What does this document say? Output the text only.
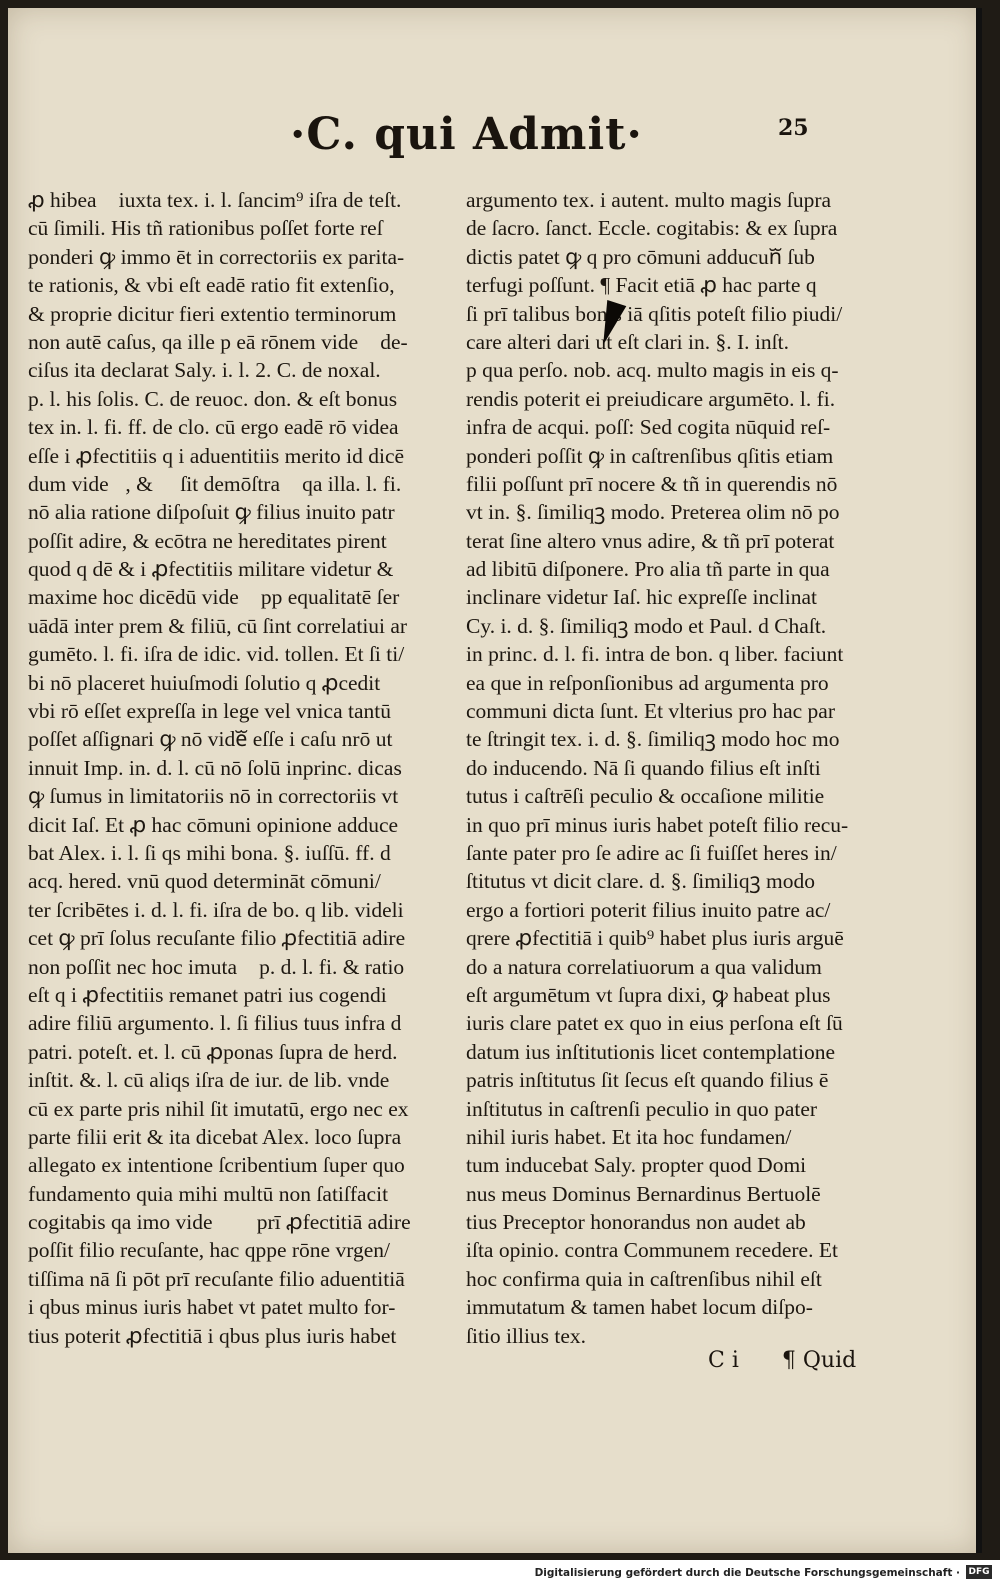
·C. qui Admit·	25
ꝓ hibeaᷓ iuxta tex. i. l. ſancim⁹ iſra de teſt.
cū ſimili. His tñ rationibus poſſet forte reſ
ponderi ꝙ immo ēt in correctoriis ex parita-
te rationis, & vbi eſt eadē ratio fit extenſio,
& proprie dicitur fieri extentio terminorum
non autē caſus, qa ille p eā rōnem videᷓ de-
ciſus ita declarat Saly. i. l. 2. C. de noxal.
p. l. his ſolis. C. de reuoc. don. & eſt bonus
tex in. l. fi. ff. de clo. cū ergo eadē rō videaᷓ
eſſe i ꝓfectitiis q i aduentitiis merito id dicē
dum videᷓ, & ꝙ ſit demōſtraᷓ qa illa. l. fi.
nō alia ratione diſpoſuit ꝙ filius inuito patr
poſſit adire, & ecōtra ne hereditates pirent
quod q dē & i ꝓfectitiis militare videtur &
maxime hoc dicēdū videᷓ pp equalitatē ſer
uādā inter prem & filiū, cū ſint correlatiui ar
gumēto. l. fi. iſra de idic. vid. tollen. Et ſi ti/
bi nō placeret huiuſmodi ſolutio q ꝓcedit
vbi rō eſſet expreſſa in lege vel vnica tantū
poſſet aſſignari ꝙ nō videᷓ eſſe i caſu nrō ut
innuit Imp. in. d. l. cū nō ſolū inprinc. dicas
ꝙ ſumus in limitatoriis nō in correctoriis vt
dicit Iaſ. Et ꝓ hac cōmuni opinione adduce
bat Alex. i. l. ſi qs mihi bona. §. iuſſū. ff. d
acq. hered. vnū quod determināt cōmuni/
ter ſcribētes i. d. l. fi. iſra de bo. q lib. videli
cet ꝙ prī ſolus recuſante filio ꝓfectitiā adire
non poſſit nec hoc imutaᷓ p. d. l. fi. & ratio
eſt q i ꝓfectitiis remanet patri ius cogendi
adire filiū argumento. l. ſi filius tuus infra d
patri. poteſt. et. l. cū ꝓponas ſupra de herd.
inſtit. &. l. cū aliqs iſra de iur. de lib. vnde
cū ex parte pris nihil ſit imutatū, ergo nec ex
parte filii erit & ita dicebat Alex. loco ſupra
allegato ex intentione ſcribentium ſuper quo
fundamento quia mihi multū non ſatiſfacit
cogitabis qa imo videᷓ ꝙ prī ꝓfectitiā adire
poſſit filio recuſante, hac qppe rōne vrgen/
tiſſima nā ſi pōt prī recuſante filio aduentitiā
i qbus minus iuris habet vt patet multo for-
tius poterit ꝓfectitiā i qbus plus iuris habet
argumento tex. i autent. multo magis ſupra
de ſacro. ſanct. Eccle. cogitabis: & ex ſupra
dictis patet ꝙ q pro cōmuni adducunᷓ ſub
terfugi poſſunt. ¶ Facit etiā ꝓ hac parte q
ſi prī talibus bonis iā qſitis poteſt filio piudi/
care alteri dari ut eſt clari in. §. I. inſt.
p qua perſo. nob. acq. multo magis in eis q-
rendis poterit ei preiudicare argumēto. l. fi.
infra de acqui. poſſ: Sed cogita nūquid reſ-
ponderi poſſit ꝙ in caſtrenſibus qſitis etiam
filii poſſunt prī nocere & tñ in querendis nō
vt in. §. ſimiliqꝫ modo. Preterea olim nō po
terat ſine altero vnus adire, & tñ prī poterat
ad libitū diſponere. Pro alia tñ parte in qua
inclinare videtur Iaſ. hic expreſſe inclinat
Cy. i. d. §. ſimiliqꝫ modo et Paul. d Chaſt.
in princ. d. l. fi. intra de bon. q liber. faciunt
ea que in reſponſionibus ad argumenta pro
communi dicta ſunt. Et vlterius pro hac par
te ſtringit tex. i. d. §. ſimiliqꝫ modo hoc mo
do inducendo. Nā ſi quando filius eſt inſti
tutus i caſtrēſi peculio & occaſione militie
in quo prī minus iuris habet poteſt filio recu-
ſante pater pro ſe adire ac ſi fuiſſet heres in/
ſtitutus vt dicit clare. d. §. ſimiliqꝫ modo
ergo a fortiori poterit filius inuito patre ac/
qrere ꝓfectitiā i quib⁹ habet plus iuris arguē
do a natura correlatiuorum a qua validum
eſt argumētum vt ſupra dixi, ꝙ habeat plus
iuris clare patet ex quo in eius perſona eſt ſū
datum ius inſtitutionis licet contemplatione
patris inſtitutus ſit ſecus eſt quando filius ē
inſtitutus in caſtrenſi peculio in quo pater
nihil iuris habet. Et ita hoc fundamen/
tum inducebat Saly. propter quod Domi
nus meus Dominus Bernardinus Bertuolē
tius Preceptor honorandus non audet ab
iſta opinio. contra Communem recedere. Et
hoc confirma quia in caſtrenſibus nihil eſt
immutatum & tamen habet locum diſpo-
ſitio illius tex.
C i ¶ Quid
Digitalisierung gefördert durch die Deutsche Forschungsgemeinschaft · DFG
